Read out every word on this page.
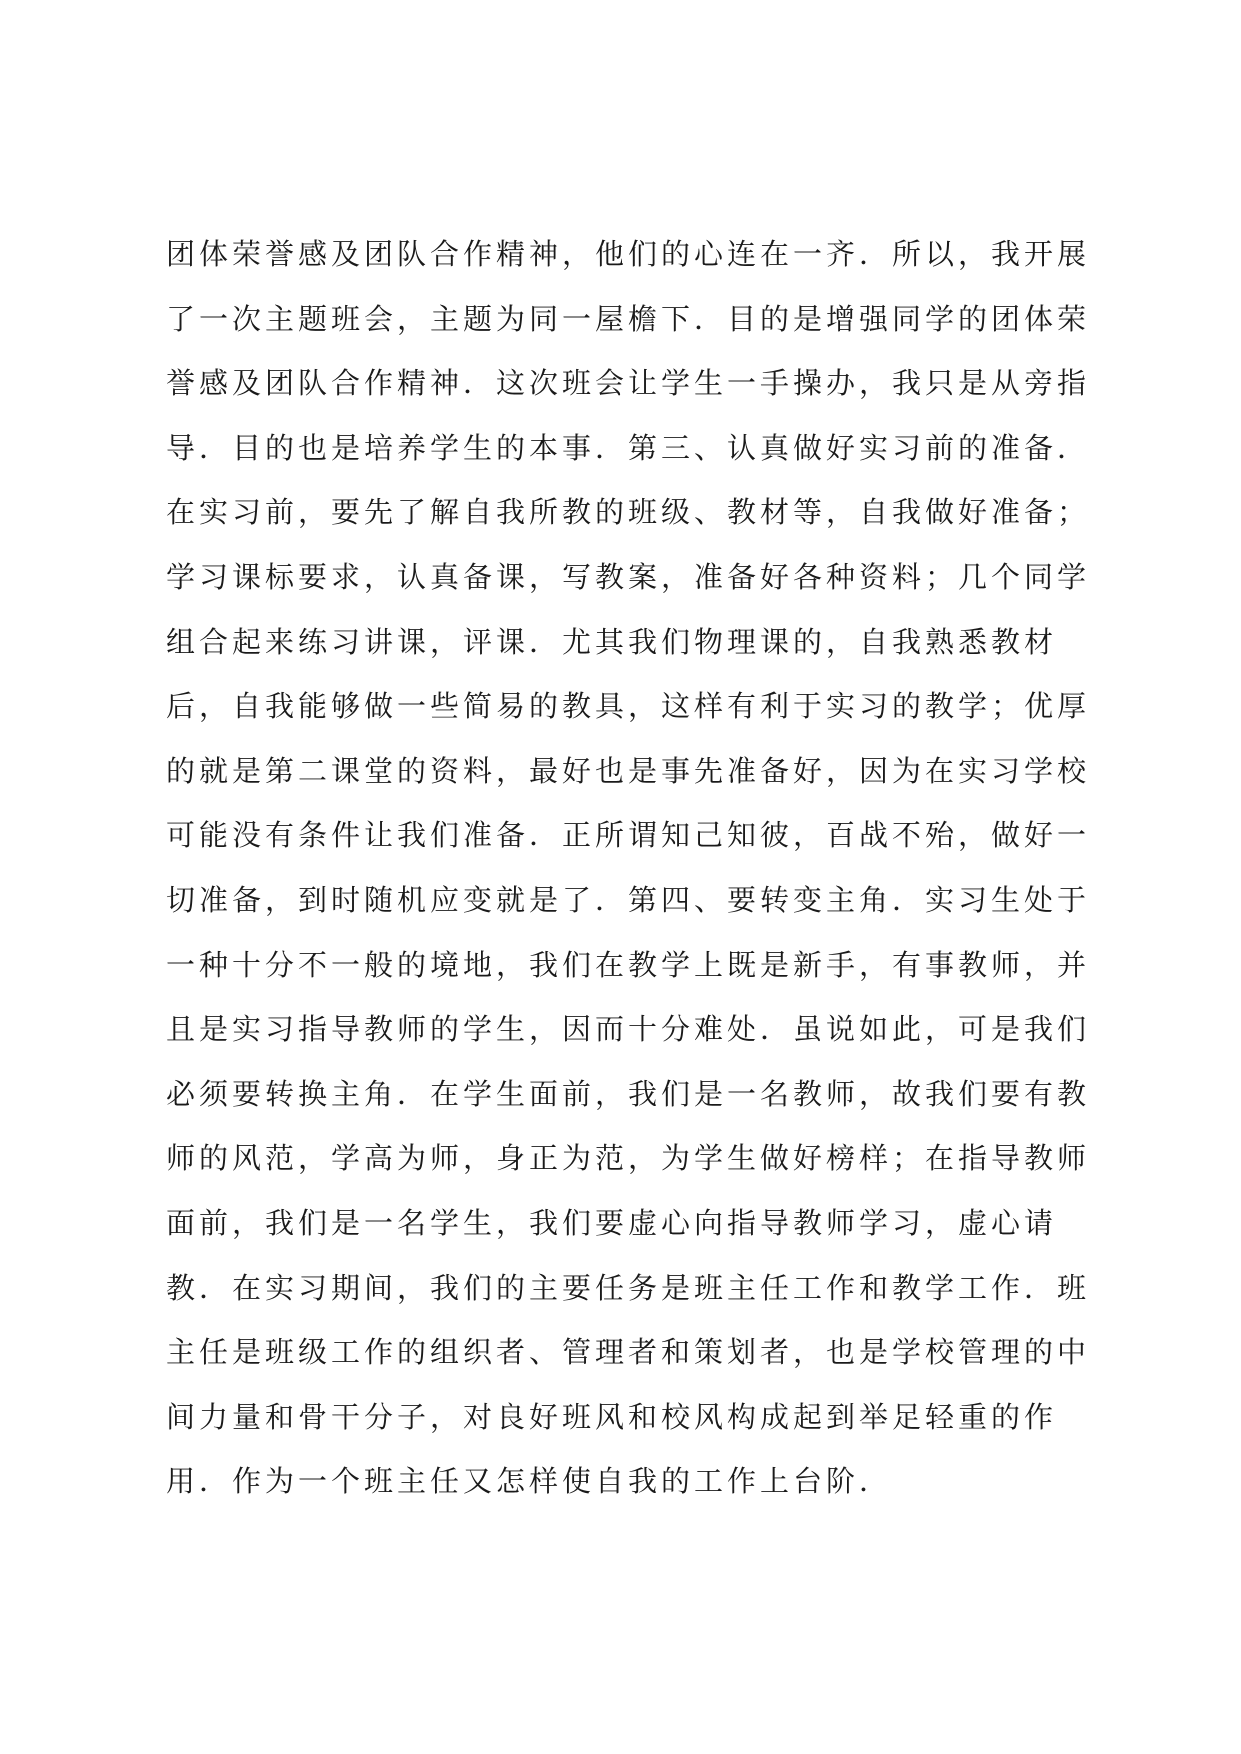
团体荣誉感及团队合作精神，他们的心连在一齐．所以，我开展
了一次主题班会，主题为同一屋檐下．目的是增强同学的团体荣
誉感及团队合作精神．这次班会让学生一手操办，我只是从旁指
导．目的也是培养学生的本事．第三、认真做好实习前的准备．
在实习前，要先了解自我所教的班级、教材等，自我做好准备；
学习课标要求，认真备课，写教案，准备好各种资料；几个同学
组合起来练习讲课，评课．尤其我们物理课的，自我熟悉教材
后，自我能够做一些简易的教具，这样有利于实习的教学；优厚
的就是第二课堂的资料，最好也是事先准备好，因为在实习学校
可能没有条件让我们准备．正所谓知己知彼，百战不殆，做好一
切准备，到时随机应变就是了．第四、要转变主角．实习生处于
一种十分不一般的境地，我们在教学上既是新手，有事教师，并
且是实习指导教师的学生，因而十分难处．虽说如此，可是我们
必须要转换主角．在学生面前，我们是一名教师，故我们要有教
师的风范，学高为师，身正为范，为学生做好榜样；在指导教师
面前，我们是一名学生，我们要虚心向指导教师学习，虚心请
教．在实习期间，我们的主要任务是班主任工作和教学工作．班
主任是班级工作的组织者、管理者和策划者，也是学校管理的中
间力量和骨干分子，对良好班风和校风构成起到举足轻重的作
用．作为一个班主任又怎样使自我的工作上台阶．
